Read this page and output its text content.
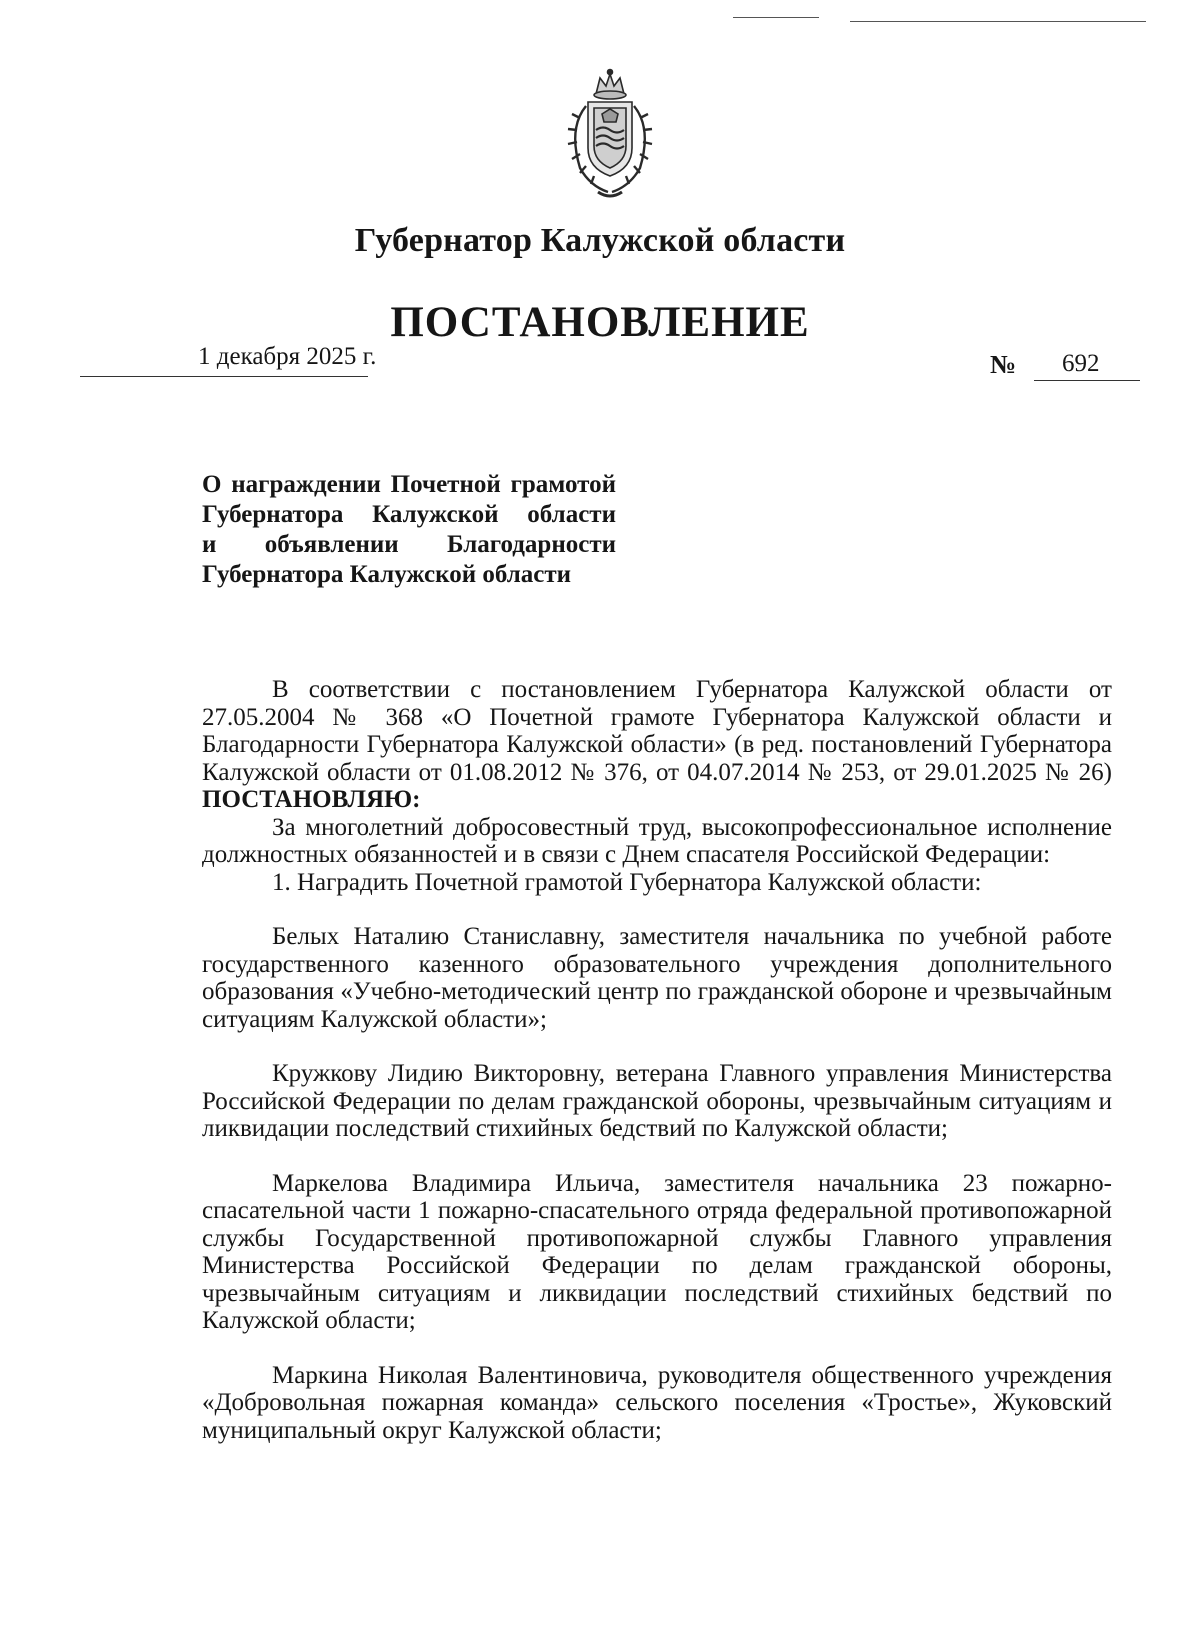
Губернатор Калужской области
ПОСТАНОВЛЕНИЕ
1 декабря 2025 г.	№ 692
О награждении Почетной грамотой
Губернатора Калужской области
и объявлении Благодарности
Губернатора Калужской области

В соответствии с постановлением Губернатора Калужской области от 27.05.2004 № 368 «О Почетной грамоте Губернатора Калужской области и Благодарности Губернатора Калужской области» (в ред. постановлений Губернатора Калужской области от 01.08.2012 № 376, от 04.07.2014 № 253, от 29.01.2025 № 26) ПОСТАНОВЛЯЮ:

За многолетний добросовестный труд, высокопрофессиональное исполнение должностных обязанностей и в связи с Днем спасателя Российской Федерации:

1. Наградить Почетной грамотой Губернатора Калужской области:

Белых Наталию Станиславну, заместителя начальника по учебной работе государственного казенного образовательного учреждения дополнительного образования «Учебно-методический центр по гражданской обороне и чрезвычайным ситуациям Калужской области»;

Кружкову Лидию Викторовну, ветерана Главного управления Министерства Российской Федерации по делам гражданской обороны, чрезвычайным ситуациям и ликвидации последствий стихийных бедствий по Калужской области;

Маркелова Владимира Ильича, заместителя начальника 23 пожарно-спасательной части 1 пожарно-спасательного отряда федеральной противопожарной службы Государственной противопожарной службы Главного управления Министерства Российской Федерации по делам гражданской обороны, чрезвычайным ситуациям и ликвидации последствий стихийных бедствий по Калужской области;

Маркина Николая Валентиновича, руководителя общественного учреждения «Добровольная пожарная команда» сельского поселения «Тростье», Жуковский муниципальный округ Калужской области;
